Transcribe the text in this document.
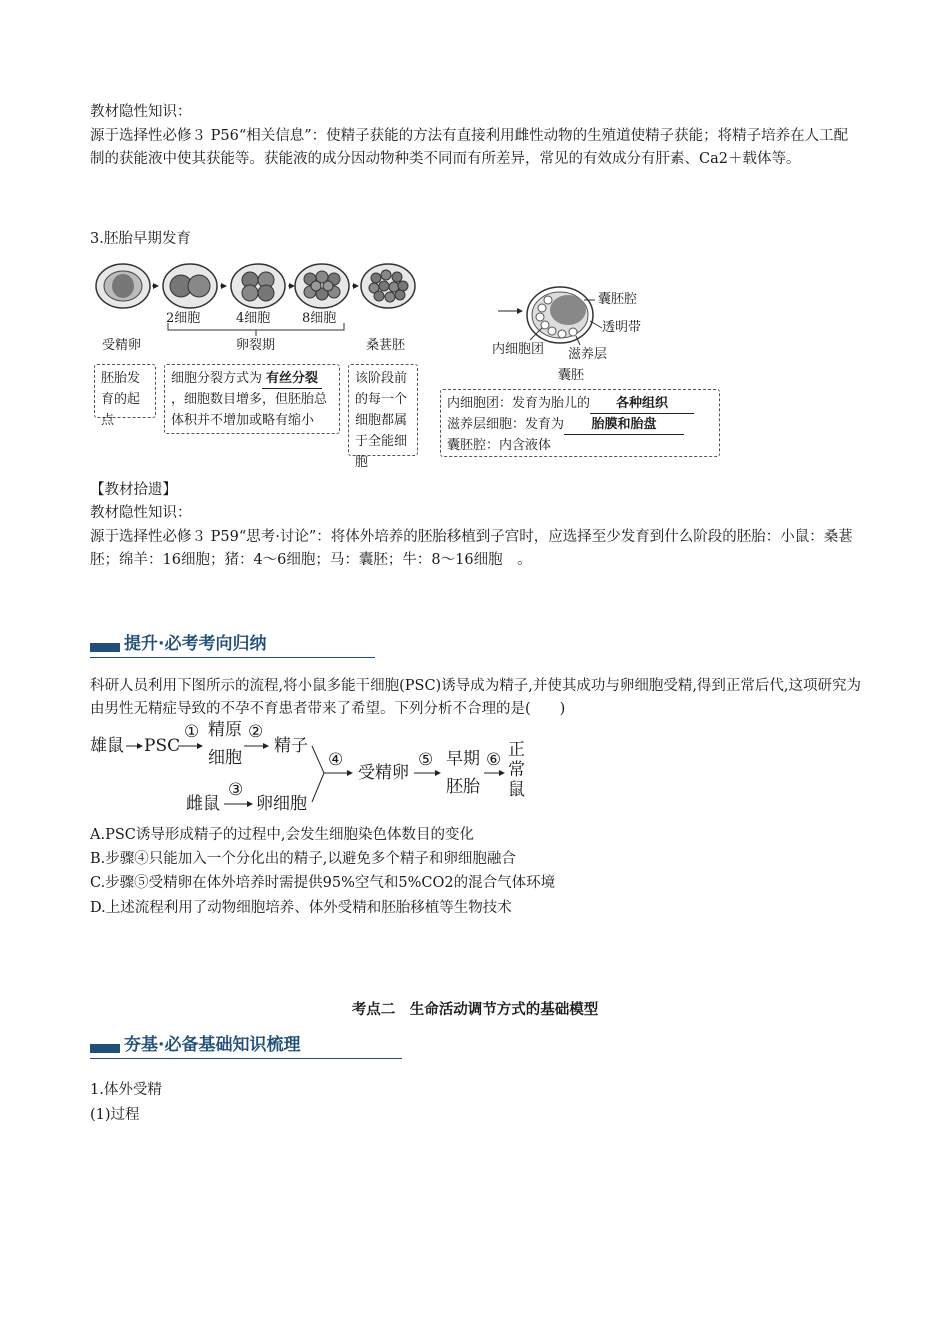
教材隐性知识：
源于选择性必修３ P56“相关信息”：使精子获能的方法有直接利用雌性动物的生殖道使精子获能；将精子培养在人工配制的获能液中使其获能等。获能液的成分因动物种类不同而有所差异，常见的有效成分有肝素、Ca2＋载体等。
3.胚胎早期发育
2细胞	4细胞 8细胞
受精卵	卵裂期	桑葚胚
胚胎发育的起点
细胞分裂方式为 有丝分裂，细胞数目增多，但胚胎总体积并不增加或略有缩小
该阶段前的每一个细胞都属于全能细胞
囊胚腔
透明带
内细胞团 滋养层
囊胚
内细胞团：发育为胎儿的 各种组织
滋养层细胞：发育为 胎膜和胎盘
囊胚腔：内含液体
【教材拾遗】
教材隐性知识：
源于选择性必修３ P59“思考·讨论”：将体外培养的胚胎移植到子宫时，应选择至少发育到什么阶段的胚胎：小鼠：桑葚胚；绵羊：16细胞；猪：4～6细胞；马：囊胚；牛：8～16细胞　。
提升·必考考向归纳
科研人员利用下图所示的流程,将小鼠多能干细胞(PSC)诱导成为精子,并使其成功与卵细胞受精,得到正常后代,这项研究为由男性无精症导致的不孕不育患者带来了希望。下列分析不合理的是(　　)
雄鼠 PSC
① 精原
细胞
②
精子
雌鼠
③
卵细胞
④
受精卵
⑤ 早期
胚胎
⑥ 正常鼠
A.PSC诱导形成精子的过程中,会发生细胞染色体数目的变化
B.步骤④只能加入一个分化出的精子,以避免多个精子和卵细胞融合
C.步骤⑤受精卵在体外培养时需提供95%空气和5%CO2的混合气体环境
D.上述流程利用了动物细胞培养、体外受精和胚胎移植等生物技术
考点二　生命活动调节方式的基础模型
夯基·必备基础知识梳理
1.体外受精
(1)过程
